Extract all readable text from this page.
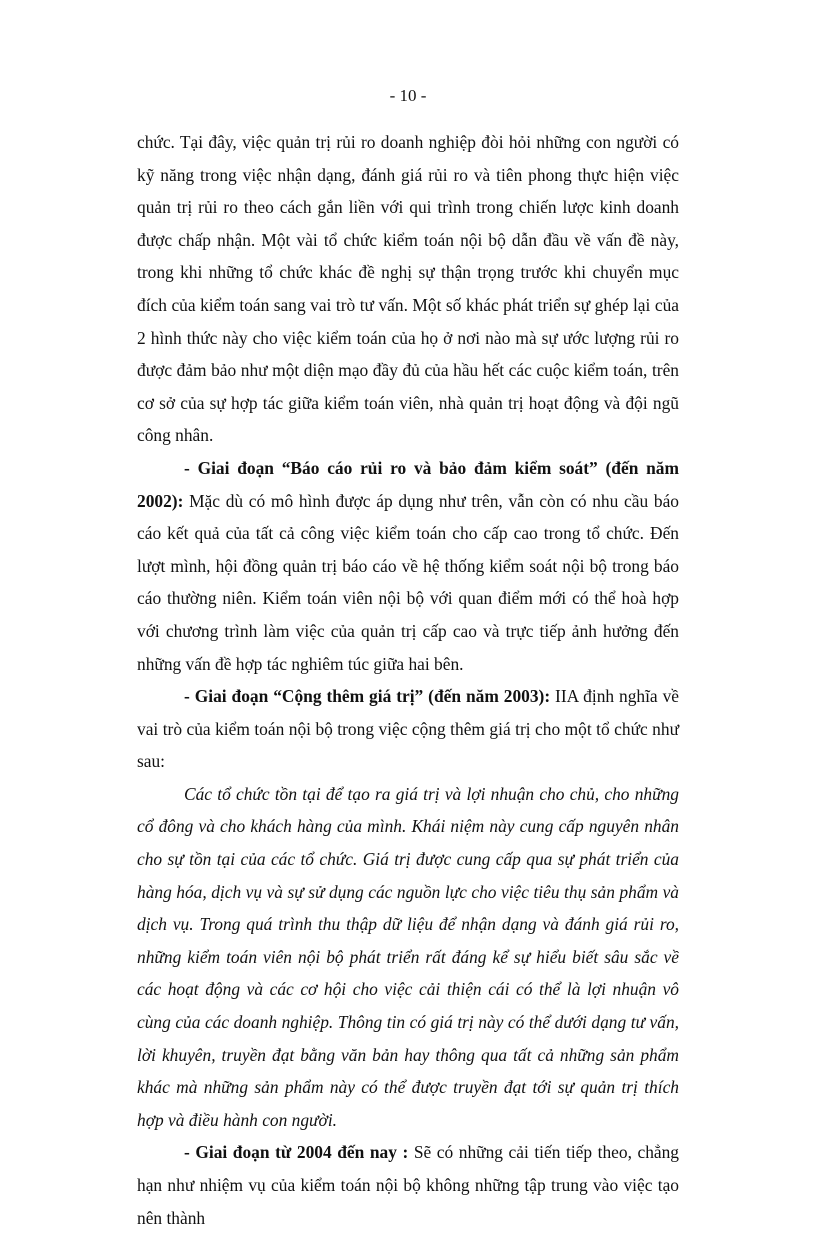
- 10 -

chức. Tại đây, việc quản trị rủi ro doanh nghiệp đòi hỏi những con người có kỹ năng trong việc nhận dạng, đánh giá rủi ro và tiên phong thực hiện việc quản trị rủi ro theo cách gắn liền với qui trình trong chiến lược kinh doanh được chấp nhận. Một vài tổ chức kiểm toán nội bộ dẫn đầu về vấn đề này, trong khi những tổ chức khác đề nghị sự thận trọng trước khi chuyển mục đích của kiểm toán sang vai trò tư vấn. Một số khác phát triển sự ghép lại của 2 hình thức này cho việc kiểm toán của họ ở nơi nào mà sự ước lượng rủi ro được đảm bảo như một diện mạo đầy đủ của hầu hết các cuộc kiểm toán, trên cơ sở của sự hợp tác giữa kiểm toán viên, nhà quản trị hoạt động và đội ngũ công nhân.

- Giai đoạn “Báo cáo rủi ro và bảo đảm kiểm soát” (đến năm 2002): Mặc dù có mô hình được áp dụng như trên, vẫn còn có nhu cầu báo cáo kết quả của tất cả công việc kiểm toán cho cấp cao trong tổ chức. Đến lượt mình, hội đồng quản trị báo cáo về hệ thống kiểm soát nội bộ trong báo cáo thường niên. Kiểm toán viên nội bộ với quan điểm mới có thể hoà hợp với chương trình làm việc của quản trị cấp cao và trực tiếp ảnh hưởng đến những vấn đề hợp tác nghiêm túc giữa hai bên.

- Giai đoạn “Cộng thêm giá trị” (đến năm 2003): IIA định nghĩa về vai trò của kiểm toán nội bộ trong việc cộng thêm giá trị cho một tổ chức như sau:

Các tổ chức tồn tại để tạo ra giá trị và lợi nhuận cho chủ, cho những cổ đông và cho khách hàng của mình. Khái niệm này cung cấp nguyên nhân cho sự tồn tại của các tổ chức. Giá trị được cung cấp qua sự phát triển của hàng hóa, dịch vụ và sự sử dụng các nguồn lực cho việc tiêu thụ sản phẩm và dịch vụ. Trong quá trình thu thập dữ liệu để nhận dạng và đánh giá rủi ro, những kiểm toán viên nội bộ phát triển rất đáng kể sự hiểu biết sâu sắc về các hoạt động và các cơ hội cho việc cải thiện cái có thể là lợi nhuận vô cùng của các doanh nghiệp. Thông tin có giá trị này có thể dưới dạng tư vấn, lời khuyên, truyền đạt bằng văn bản hay thông qua tất cả những sản phẩm khác mà những sản phẩm này có thể được truyền đạt tới sự quản trị thích hợp và điều hành con người.

- Giai đoạn từ 2004 đến nay : Sẽ có những cải tiến tiếp theo, chẳng hạn như nhiệm vụ của kiểm toán nội bộ không những tập trung vào việc tạo nên thành
